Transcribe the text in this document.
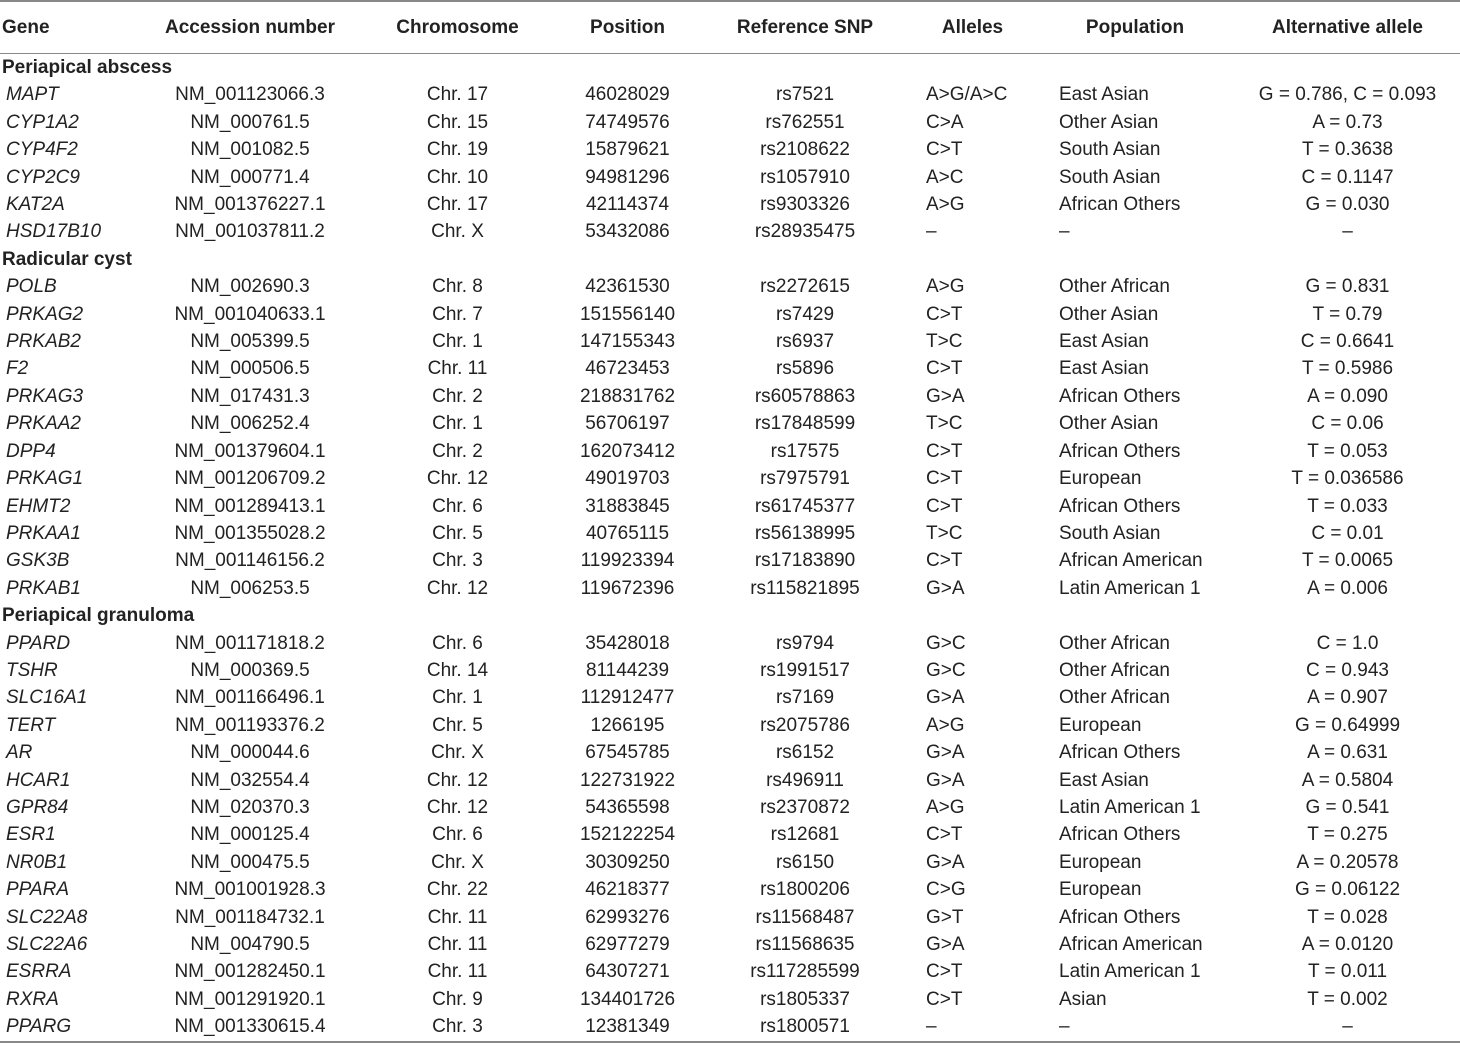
Gene	Accession number	Chromosome	Position	Reference SNP	Alleles	Population	Alternative allele
Periapical abscess							
MAPT	NM_001123066.3	Chr. 17	46028029	rs7521	A>G/A>C	East Asian	G = 0.786, C = 0.093
CYP1A2	NM_000761.5	Chr. 15	74749576	rs762551	C>A	Other Asian	A = 0.73
CYP4F2	NM_001082.5	Chr. 19	15879621	rs2108622	C>T	South Asian	T = 0.3638
CYP2C9	NM_000771.4	Chr. 10	94981296	rs1057910	A>C	South Asian	C = 0.1147
KAT2A	NM_001376227.1	Chr. 17	42114374	rs9303326	A>G	African Others	G = 0.030
HSD17B10	NM_001037811.2	Chr. X	53432086	rs28935475	–	–	–
Radicular cyst							
POLB	NM_002690.3	Chr. 8	42361530	rs2272615	A>G	Other African	G = 0.831
PRKAG2	NM_001040633.1	Chr. 7	151556140	rs7429	C>T	Other Asian	T = 0.79
PRKAB2	NM_005399.5	Chr. 1	147155343	rs6937	T>C	East Asian	C = 0.6641
F2	NM_000506.5	Chr. 11	46723453	rs5896	C>T	East Asian	T = 0.5986
PRKAG3	NM_017431.3	Chr. 2	218831762	rs60578863	G>A	African Others	A = 0.090
PRKAA2	NM_006252.4	Chr. 1	56706197	rs17848599	T>C	Other Asian	C = 0.06
DPP4	NM_001379604.1	Chr. 2	162073412	rs17575	C>T	African Others	T = 0.053
PRKAG1	NM_001206709.2	Chr. 12	49019703	rs7975791	C>T	European	T = 0.036586
EHMT2	NM_001289413.1	Chr. 6	31883845	rs61745377	C>T	African Others	T = 0.033
PRKAA1	NM_001355028.2	Chr. 5	40765115	rs56138995	T>C	South Asian	C = 0.01
GSK3B	NM_001146156.2	Chr. 3	119923394	rs17183890	C>T	African American	T = 0.0065
PRKAB1	NM_006253.5	Chr. 12	119672396	rs115821895	G>A	Latin American 1	A = 0.006
Periapical granuloma							
PPARD	NM_001171818.2	Chr. 6	35428018	rs9794	G>C	Other African	C = 1.0
TSHR	NM_000369.5	Chr. 14	81144239	rs1991517	G>C	Other African	C = 0.943
SLC16A1	NM_001166496.1	Chr. 1	112912477	rs7169	G>A	Other African	A = 0.907
TERT	NM_001193376.2	Chr. 5	1266195	rs2075786	A>G	European	G = 0.64999
AR	NM_000044.6	Chr. X	67545785	rs6152	G>A	African Others	A = 0.631
HCAR1	NM_032554.4	Chr. 12	122731922	rs496911	G>A	East Asian	A = 0.5804
GPR84	NM_020370.3	Chr. 12	54365598	rs2370872	A>G	Latin American 1	G = 0.541
ESR1	NM_000125.4	Chr. 6	152122254	rs12681	C>T	African Others	T = 0.275
NR0B1	NM_000475.5	Chr. X	30309250	rs6150	G>A	European	A = 0.20578
PPARA	NM_001001928.3	Chr. 22	46218377	rs1800206	C>G	European	G = 0.06122
SLC22A8	NM_001184732.1	Chr. 11	62993276	rs11568487	G>T	African Others	T = 0.028
SLC22A6	NM_004790.5	Chr. 11	62977279	rs11568635	G>A	African American	A = 0.0120
ESRRA	NM_001282450.1	Chr. 11	64307271	rs117285599	C>T	Latin American 1	T = 0.011
RXRA	NM_001291920.1	Chr. 9	134401726	rs1805337	C>T	Asian	T = 0.002
PPARG	NM_001330615.4	Chr. 3	12381349	rs1800571	–	–	–
